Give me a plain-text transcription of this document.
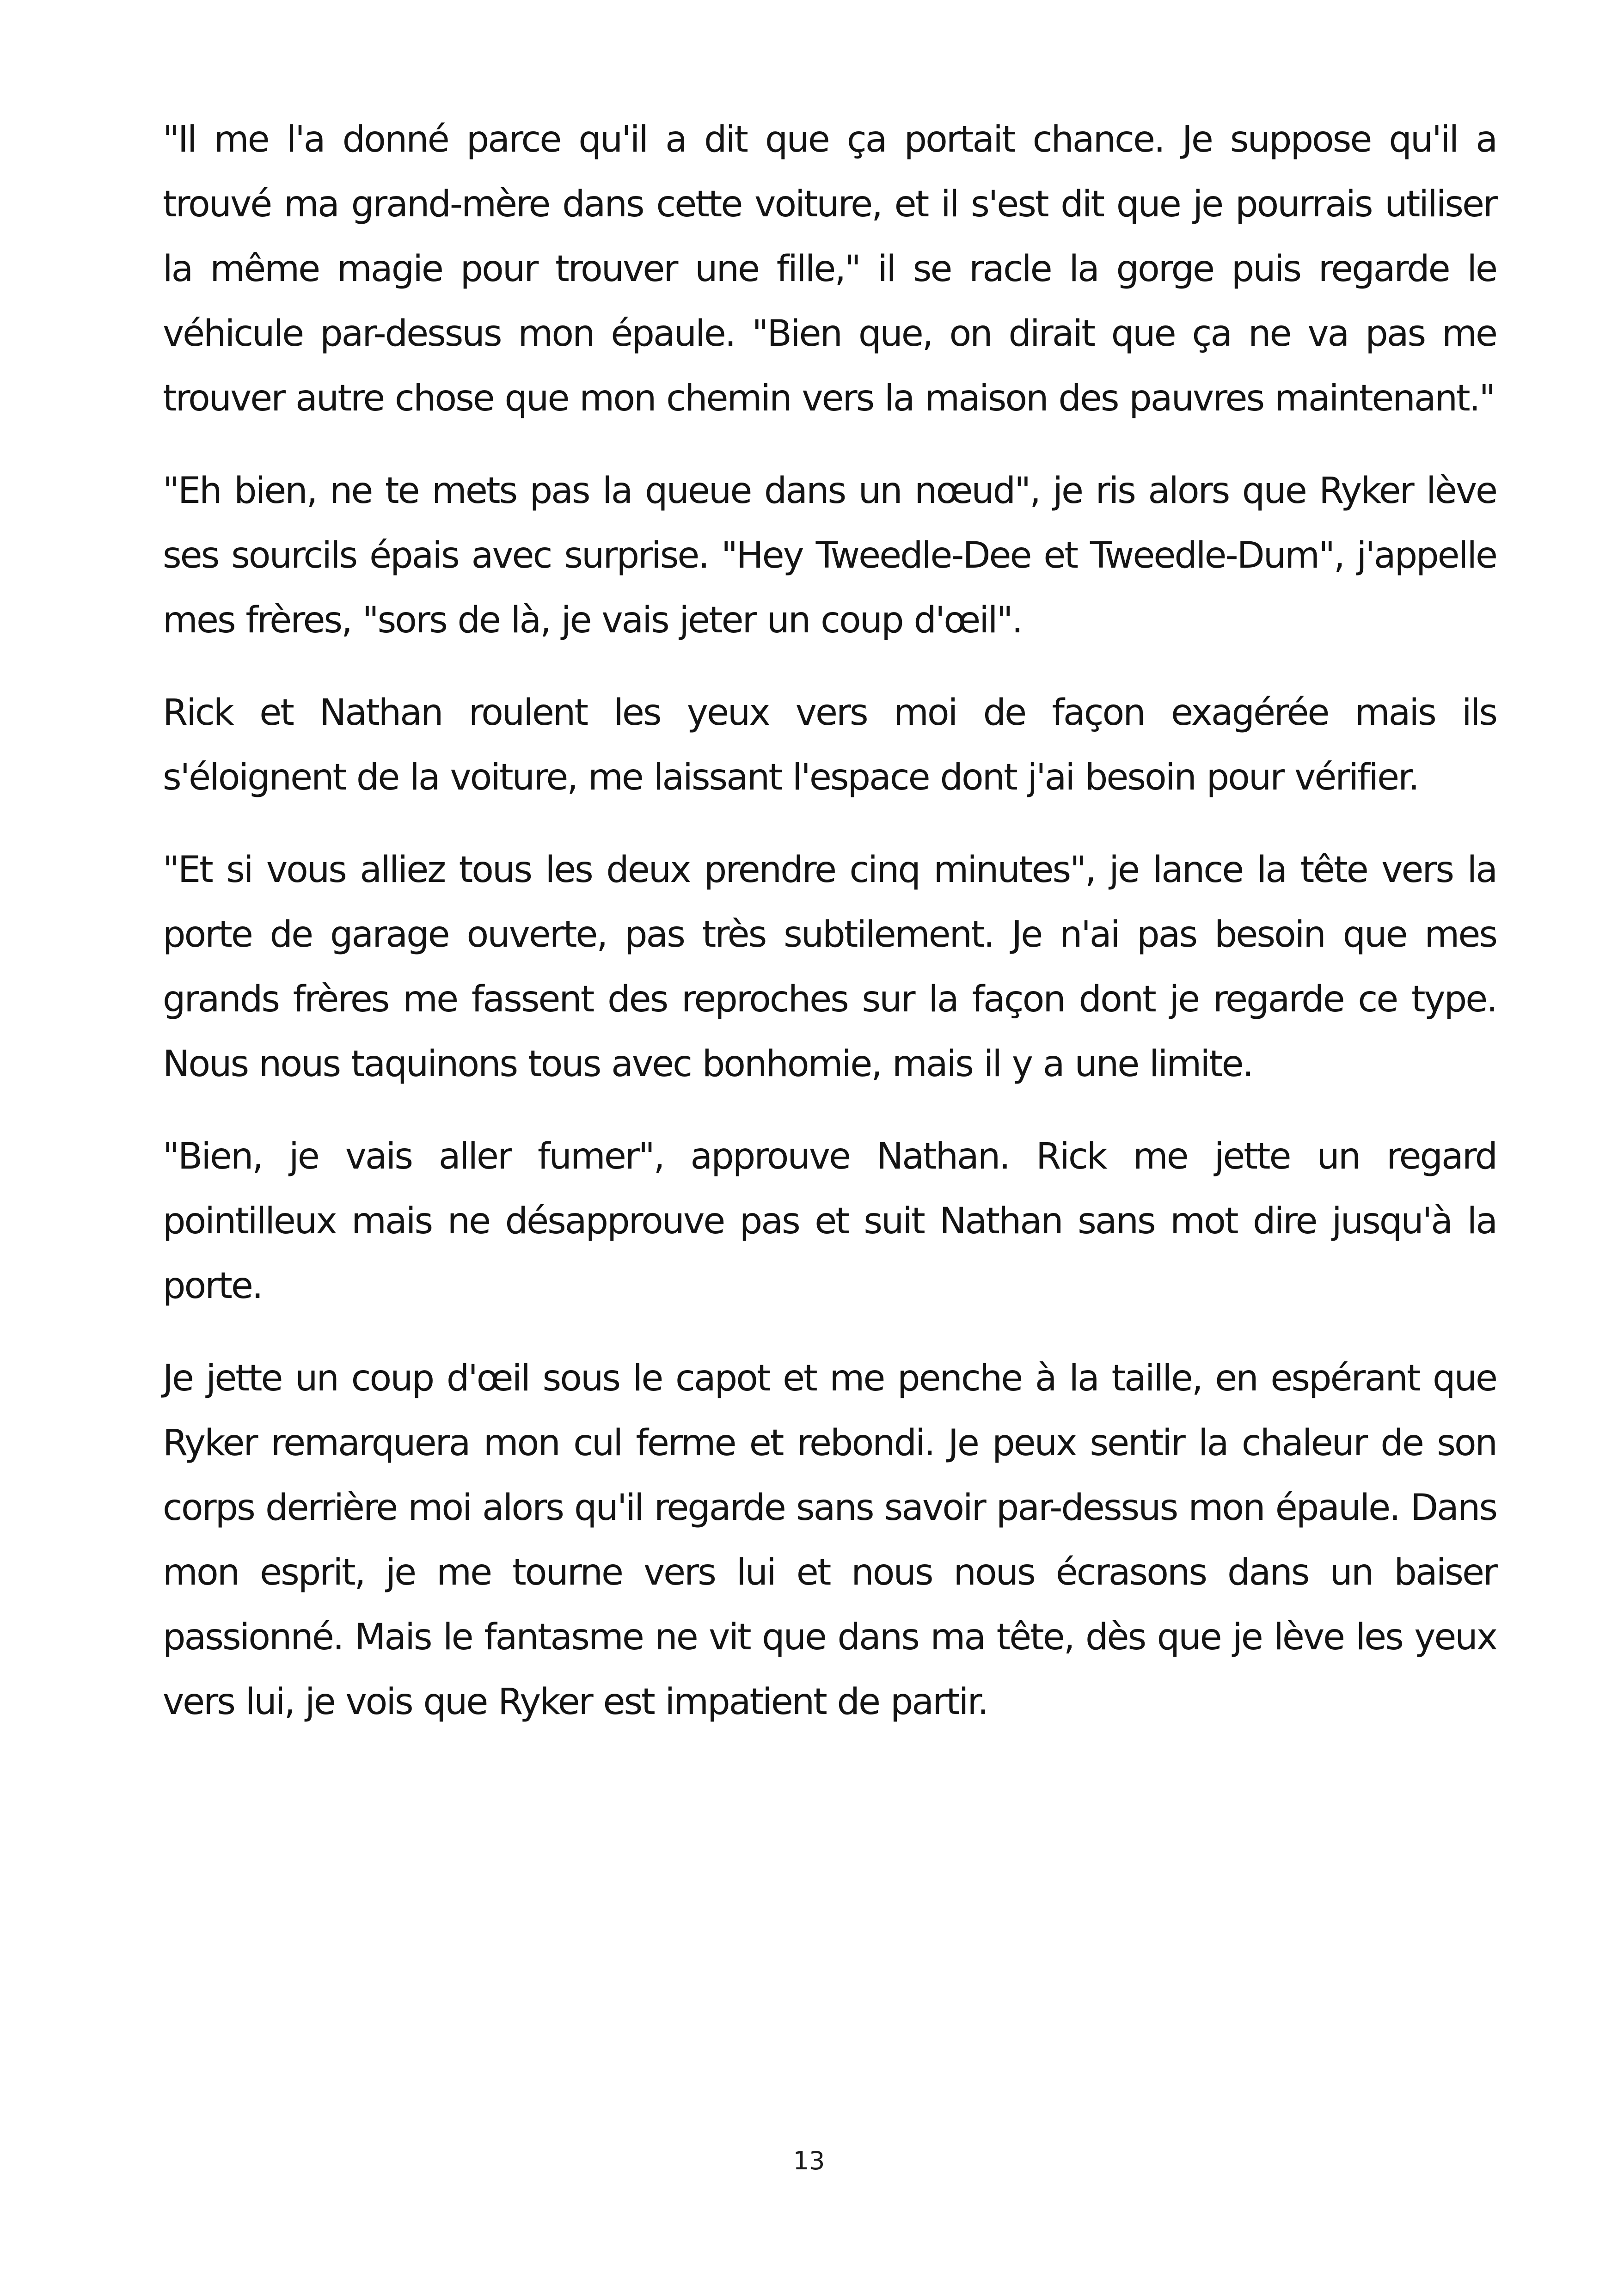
"Il me l'a donné parce qu'il a dit que ça portait chance. Je suppose qu'il a trouvé ma grand-mère dans cette voiture, et il s'est dit que je pourrais utiliser la même magie pour trouver une fille," il se racle la gorge puis regarde le véhicule par-dessus mon épaule. "Bien que, on dirait que ça ne va pas me trouver autre chose que mon chemin vers la maison des pauvres maintenant."

"Eh bien, ne te mets pas la queue dans un nœud", je ris alors que Ryker lève ses sourcils épais avec surprise. "Hey Tweedle-Dee et Tweedle-Dum", j'appelle mes frères, "sors de là, je vais jeter un coup d'œil".

Rick et Nathan roulent les yeux vers moi de façon exagérée mais ils s'éloignent de la voiture, me laissant l'espace dont j'ai besoin pour vérifier.

"Et si vous alliez tous les deux prendre cinq minutes", je lance la tête vers la porte de garage ouverte, pas très subtilement. Je n'ai pas besoin que mes grands frères me fassent des reproches sur la façon dont je regarde ce type. Nous nous taquinons tous avec bonhomie, mais il y a une limite.

"Bien, je vais aller fumer", approuve Nathan. Rick me jette un regard pointilleux mais ne désapprouve pas et suit Nathan sans mot dire jusqu'à la porte.

Je jette un coup d'œil sous le capot et me penche à la taille, en espérant que Ryker remarquera mon cul ferme et rebondi. Je peux sentir la chaleur de son corps derrière moi alors qu'il regarde sans savoir par-dessus mon épaule. Dans mon esprit, je me tourne vers lui et nous nous écrasons dans un baiser passionné. Mais le fantasme ne vit que dans ma tête, dès que je lève les yeux vers lui, je vois que Ryker est impatient de partir.

13
